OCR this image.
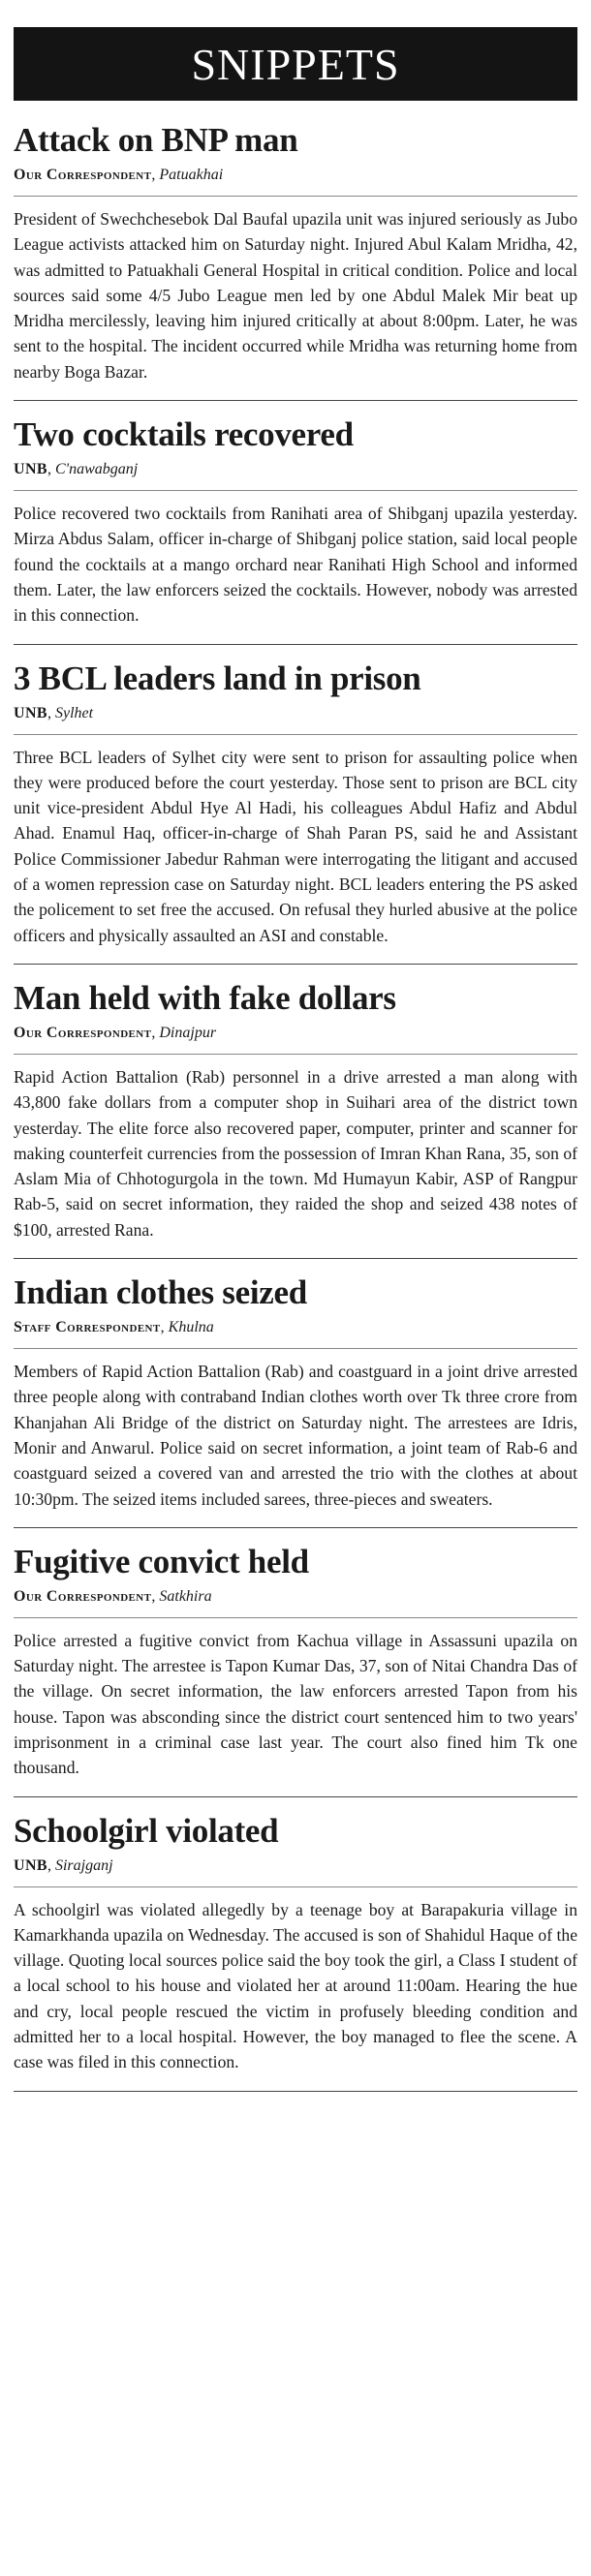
SNIPPETS
Attack on BNP man
Our Correspondent, Patuakhai

President of Swechchesebok Dal Baufal upazila unit was injured seriously as Jubo League activists attacked him on Saturday night. Injured Abul Kalam Mridha, 42, was admitted to Patuakhali General Hospital in critical condition. Police and local sources said some 4/5 Jubo League men led by one Abdul Malek Mir beat up Mridha mercilessly, leaving him injured critically at about 8:00pm. Later, he was sent to the hospital. The incident occurred while Mridha was returning home from nearby Boga Bazar.

Two cocktails recovered
UNB, C'nawabganj

Police recovered two cocktails from Ranihati area of Shibganj upazila yesterday. Mirza Abdus Salam, officer in-charge of Shibganj police station, said local people found the cocktails at a mango orchard near Ranihati High School and informed them. Later, the law enforcers seized the cocktails. However, nobody was arrested in this connection.

3 BCL leaders land in prison
UNB, Sylhet

Three BCL leaders of Sylhet city were sent to prison for assaulting police when they were produced before the court yesterday. Those sent to prison are BCL city unit vice-president Abdul Hye Al Hadi, his colleagues Abdul Hafiz and Abdul Ahad. Enamul Haq, officer-in-charge of Shah Paran PS, said he and Assistant Police Commissioner Jabedur Rahman were interrogating the litigant and accused of a women repression case on Saturday night. BCL leaders entering the PS asked the policement to set free the accused. On refusal they hurled abusive at the police officers and physically assaulted an ASI and constable.

Man held with fake dollars
Our Correspondent, Dinajpur

Rapid Action Battalion (Rab) personnel in a drive arrested a man along with 43,800 fake dollars from a computer shop in Suihari area of the district town yesterday. The elite force also recovered paper, computer, printer and scanner for making counterfeit currencies from the possession of Imran Khan Rana, 35, son of Aslam Mia of Chhotogurgola in the town. Md Humayun Kabir, ASP of Rangpur Rab-5, said on secret information, they raided the shop and seized 438 notes of $100, arrested Rana.

Indian clothes seized
Staff Correspondent, Khulna

Members of Rapid Action Battalion (Rab) and coastguard in a joint drive arrested three people along with contraband Indian clothes worth over Tk three crore from Khanjahan Ali Bridge of the district on Saturday night. The arrestees are Idris, Monir and Anwarul. Police said on secret information, a joint team of Rab-6 and coastguard seized a covered van and arrested the trio with the clothes at about 10:30pm. The seized items included sarees, three-pieces and sweaters.

Fugitive convict held
Our Correspondent, Satkhira

Police arrested a fugitive convict from Kachua village in Assassuni upazila on Saturday night. The arrestee is Tapon Kumar Das, 37, son of Nitai Chandra Das of the village. On secret information, the law enforcers arrested Tapon from his house. Tapon was absconding since the district court sentenced him to two years' imprisonment in a criminal case last year. The court also fined him Tk one thousand.

Schoolgirl violated
UNB, Sirajganj

A schoolgirl was violated allegedly by a teenage boy at Barapakuria village in Kamarkhanda upazila on Wednesday. The accused is son of Shahidul Haque of the village. Quoting local sources police said the boy took the girl, a Class I student of a local school to his house and violated her at around 11:00am. Hearing the hue and cry, local people rescued the victim in profusely bleeding condition and admitted her to a local hospital. However, the boy managed to flee the scene. A case was filed in this connection.
